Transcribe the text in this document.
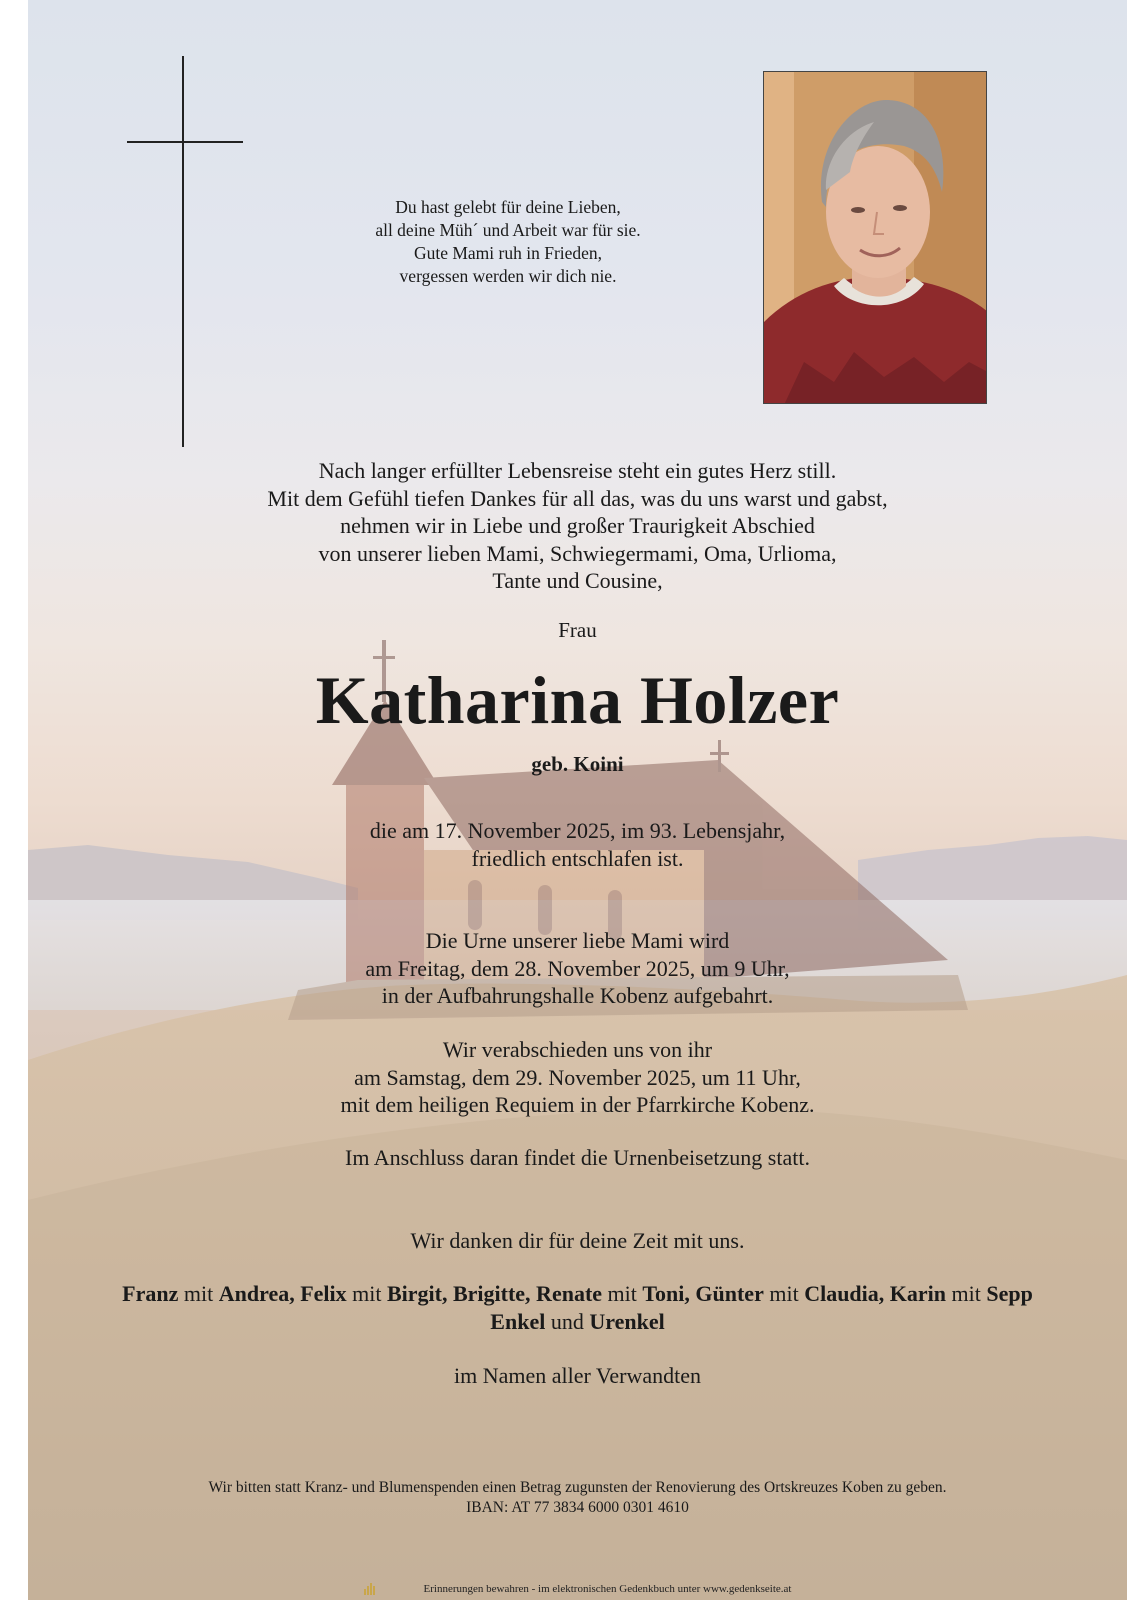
Du hast gelebt für deine Lieben,
all deine Müh´ und Arbeit war für sie.
Gute Mami ruh in Frieden,
vergessen werden wir dich nie.
Nach langer erfüllter Lebensreise steht ein gutes Herz still.
Mit dem Gefühl tiefen Dankes für all das, was du uns warst und gabst,
nehmen wir in Liebe und großer Traurigkeit Abschied
von unserer lieben Mami, Schwiegermami, Oma, Urlioma,
Tante und Cousine,
Frau
Katharina Holzer
geb. Koini
die am 17. November 2025, im 93. Lebensjahr,
friedlich entschlafen ist.
Die Urne unserer liebe Mami wird
am Freitag, dem 28. November 2025, um 9 Uhr,
in der Aufbahrungshalle Kobenz aufgebahrt.
Wir verabschieden uns von ihr
am Samstag, dem 29. November 2025, um 11 Uhr,
mit dem heiligen Requiem in der Pfarrkirche Kobenz.
Im Anschluss daran findet die Urnenbeisetzung statt.
Wir danken dir für deine Zeit mit uns.
Franz mit Andrea, Felix mit Birgit, Brigitte, Renate mit Toni, Günter mit Claudia, Karin mit Sepp
Enkel und Urenkel
im Namen aller Verwandten
Wir bitten statt Kranz- und Blumenspenden einen Betrag zugunsten der Renovierung des Ortskreuzes Koben zu geben.
IBAN: AT 77 3834 6000 0301 4610
Erinnerungen bewahren - im elektronischen Gedenkbuch unter www.gedenkseite.at
